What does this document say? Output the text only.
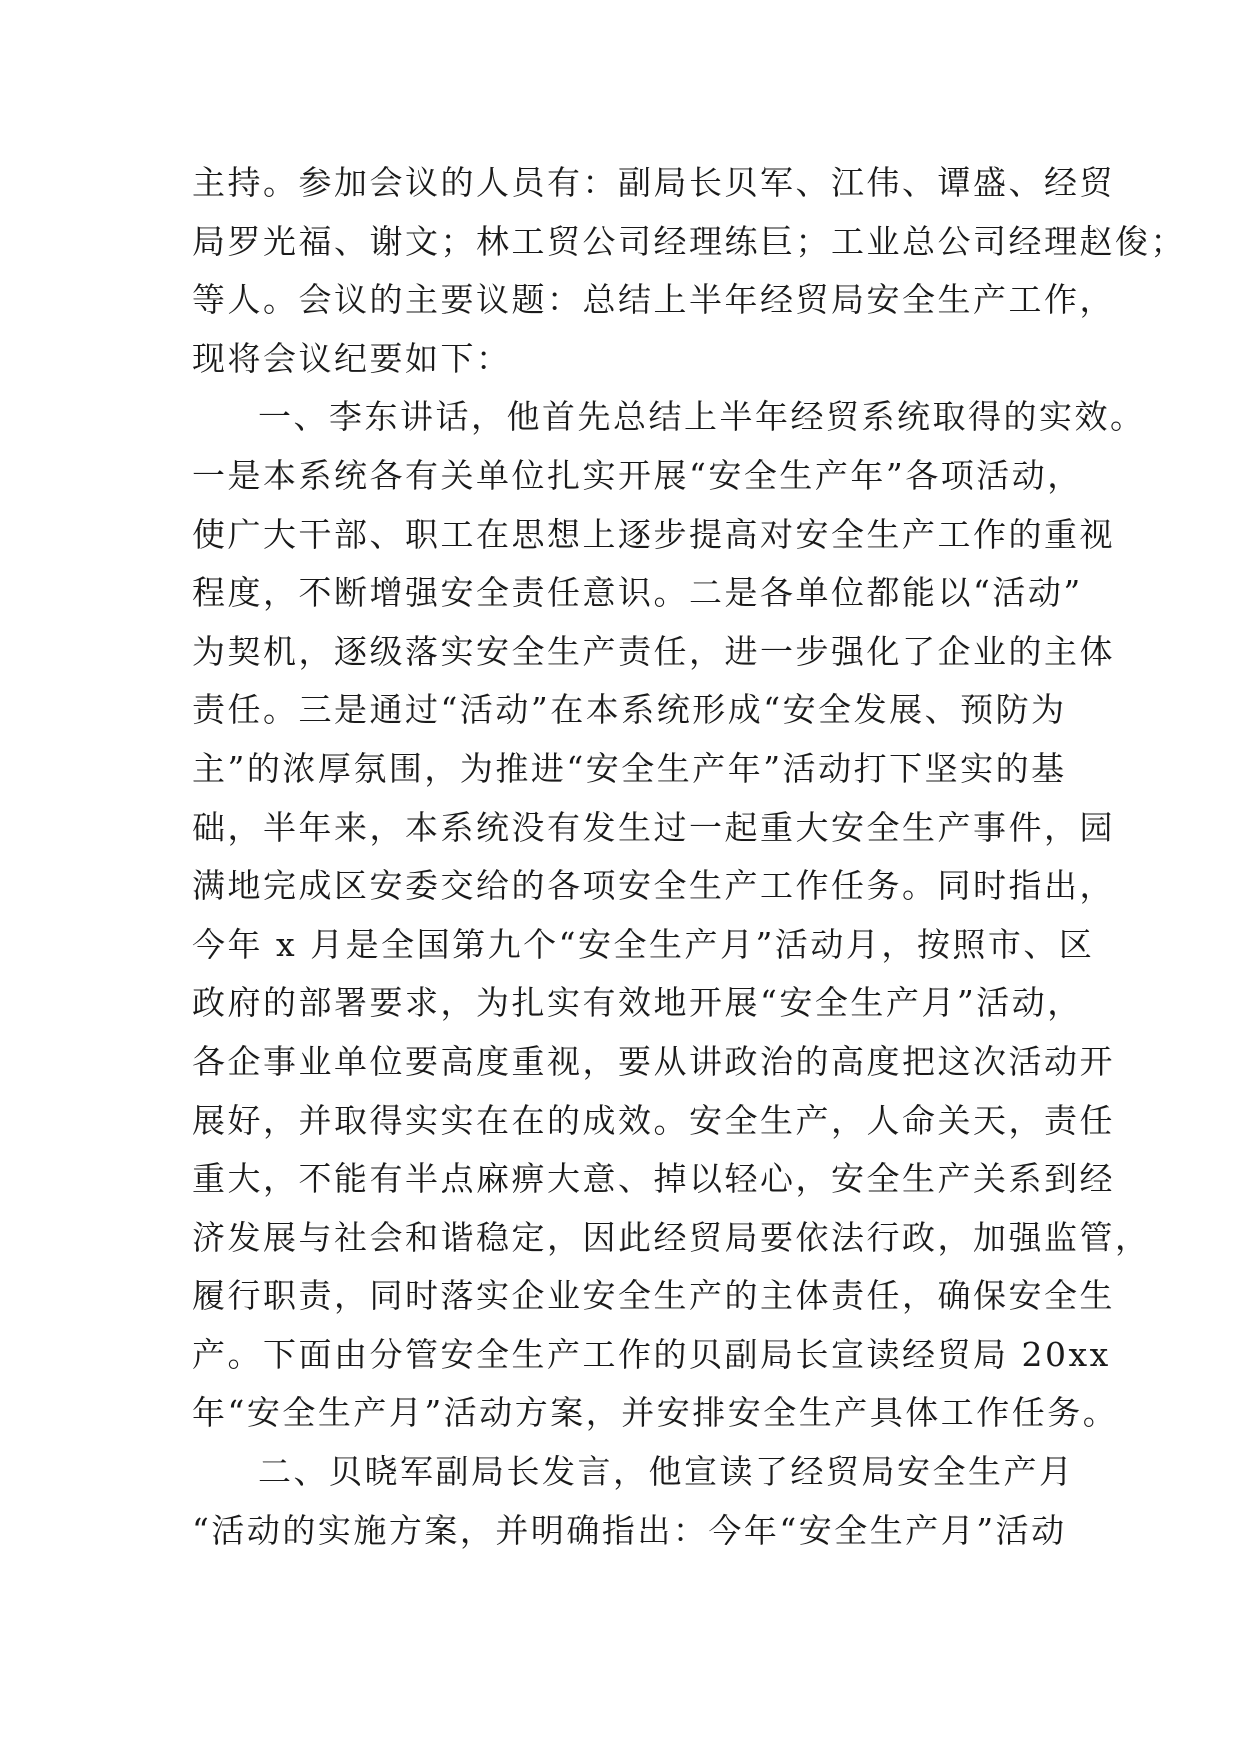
主持。参加会议的人员有：副局长贝军、江伟、谭盛、经贸
局罗光福、谢文；林工贸公司经理练巨；工业总公司经理赵俊；
等人。会议的主要议题：总结上半年经贸局安全生产工作，
现将会议纪要如下：
一、李东讲话，他首先总结上半年经贸系统取得的实效。
一是本系统各有关单位扎实开展“安全生产年”各项活动，
使广大干部、职工在思想上逐步提高对安全生产工作的重视
程度，不断增强安全责任意识。二是各单位都能以“活动”
为契机，逐级落实安全生产责任，进一步强化了企业的主体
责任。三是通过“活动”在本系统形成“安全发展、预防为
主”的浓厚氛围，为推进“安全生产年”活动打下坚实的基
础，半年来，本系统没有发生过一起重大安全生产事件，园
满地完成区安委交给的各项安全生产工作任务。同时指出，
今年 x 月是全国第九个“安全生产月”活动月，按照市、区
政府的部署要求，为扎实有效地开展“安全生产月”活动，
各企事业单位要高度重视，要从讲政治的高度把这次活动开
展好，并取得实实在在的成效。安全生产，人命关天，责任
重大，不能有半点麻痹大意、掉以轻心，安全生产关系到经
济发展与社会和谐稳定，因此经贸局要依法行政，加强监管，
履行职责，同时落实企业安全生产的主体责任，确保安全生
产。下面由分管安全生产工作的贝副局长宣读经贸局 20xx
年“安全生产月”活动方案，并安排安全生产具体工作任务。
二、贝晓军副局长发言，他宣读了经贸局安全生产月
“活动的实施方案，并明确指出：今年“安全生产月”活动
